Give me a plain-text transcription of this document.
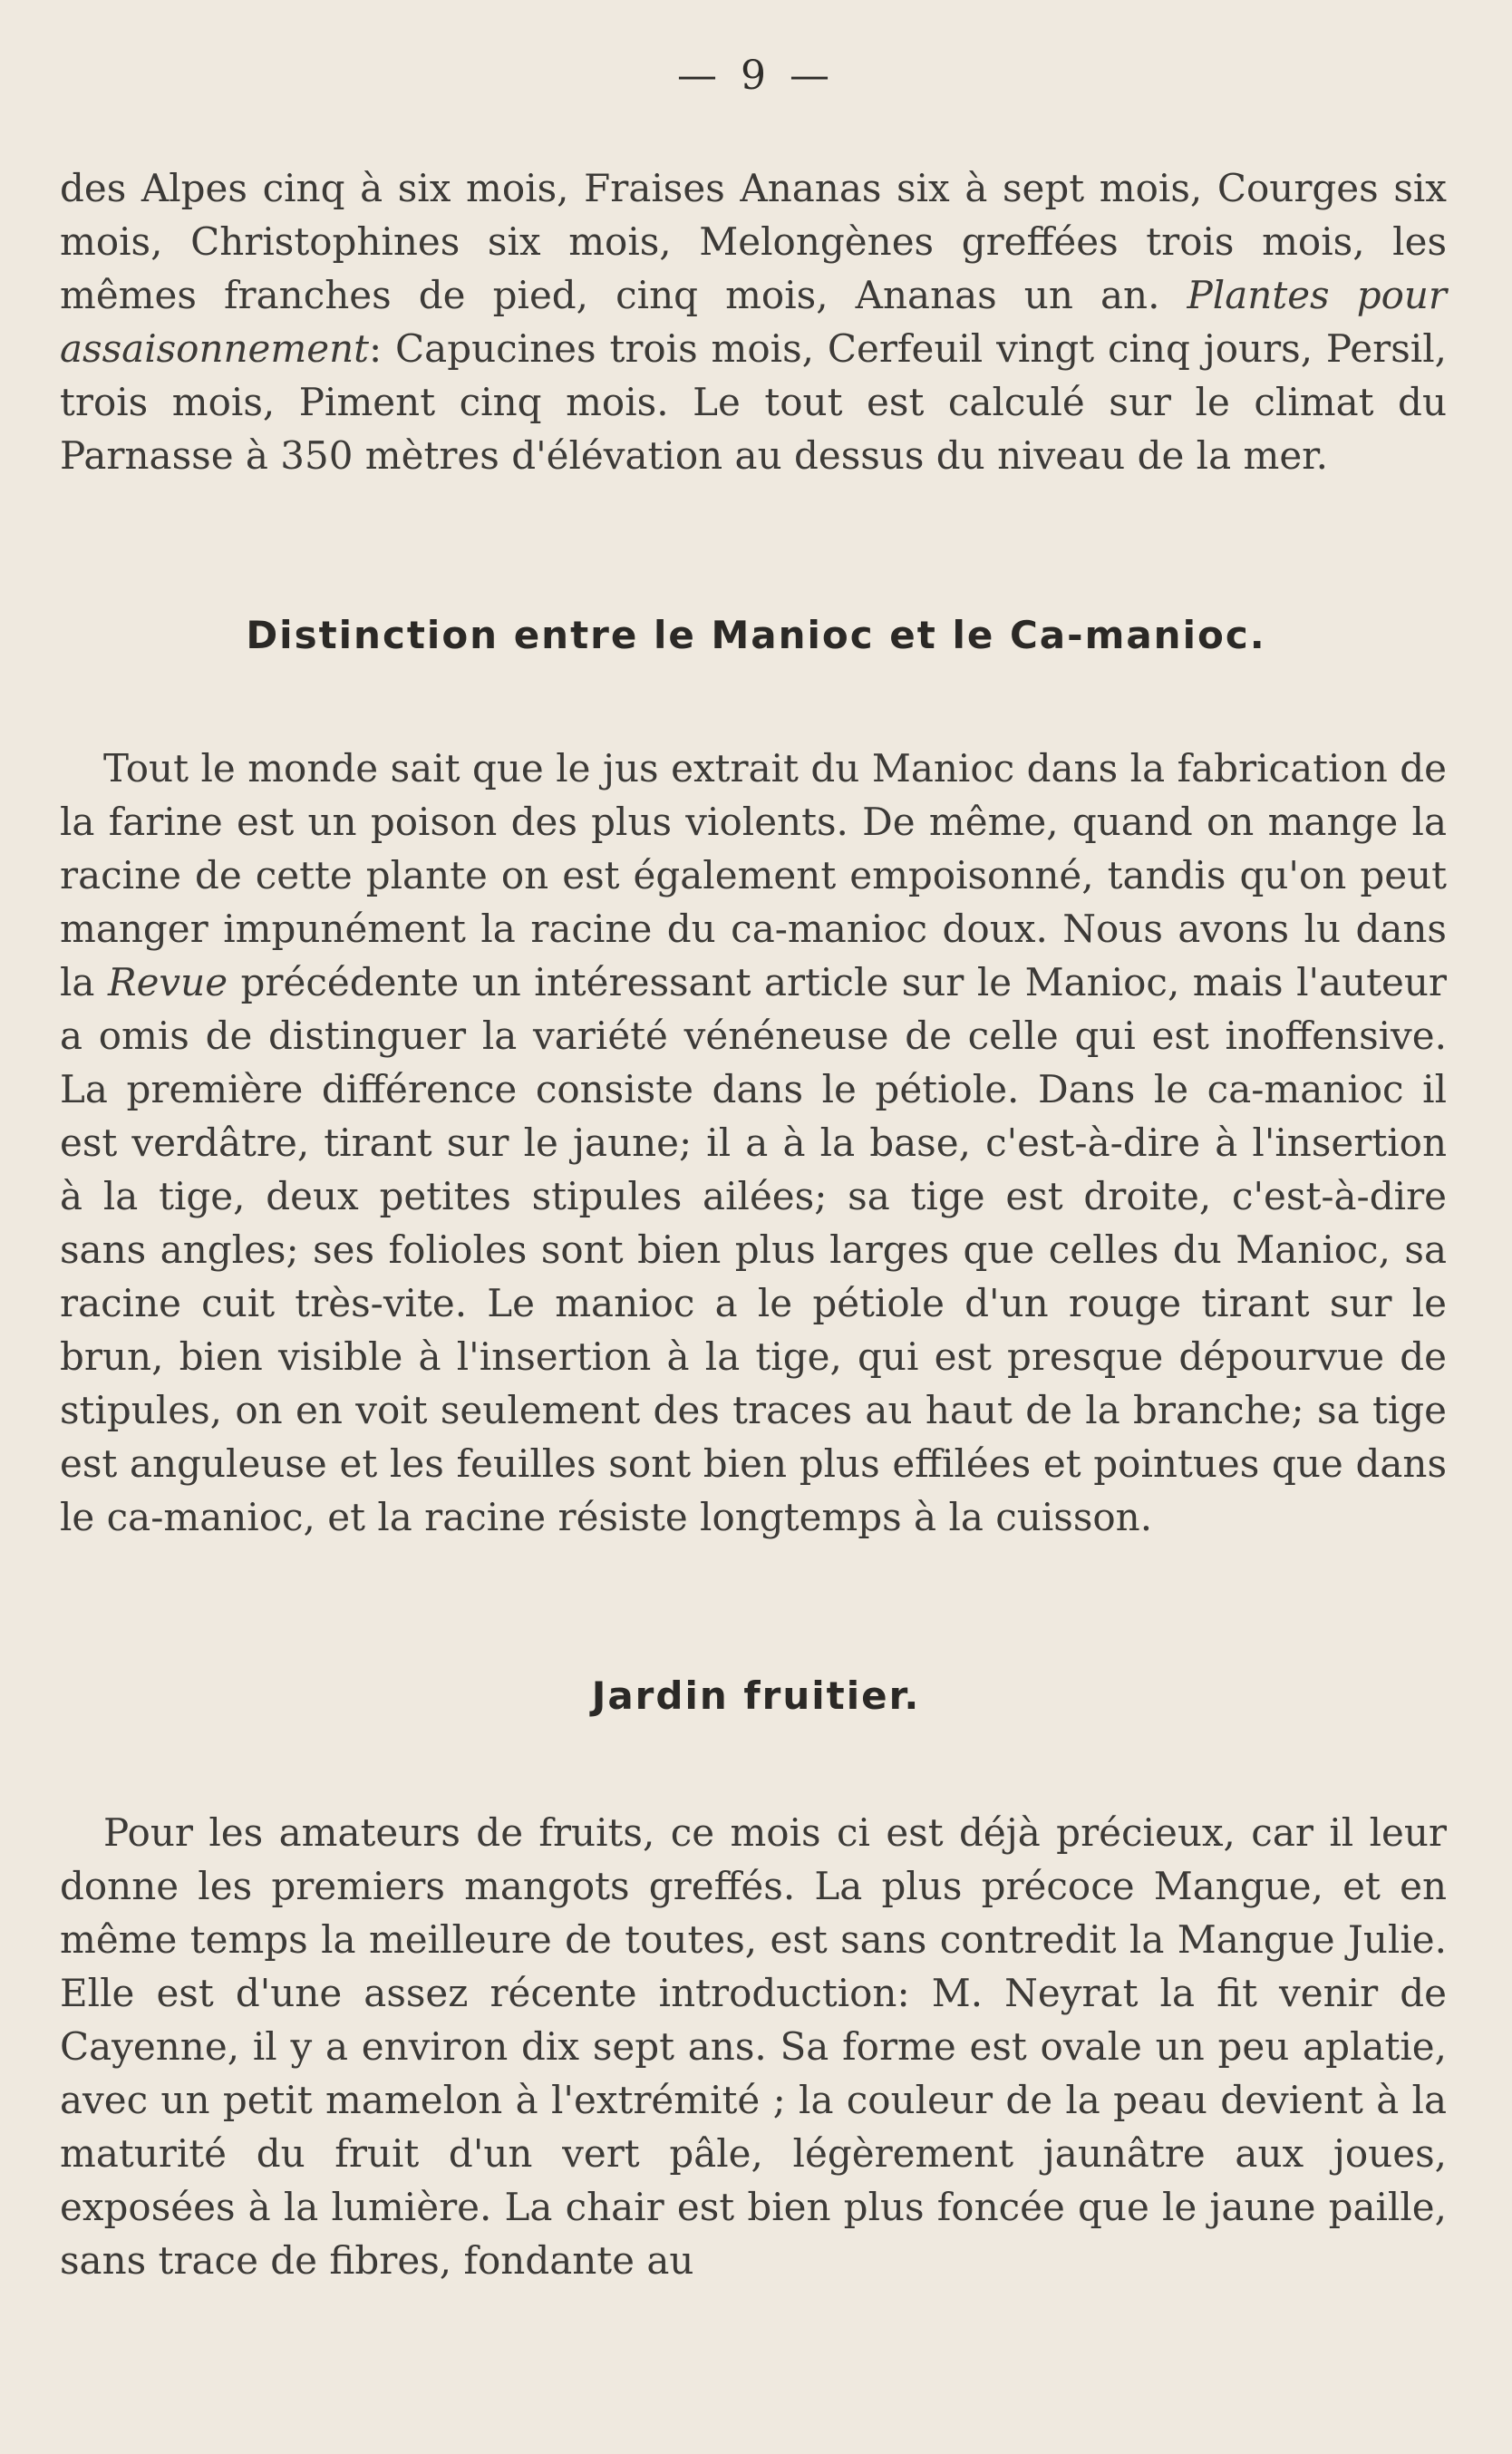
— 9 —

des Alpes cinq à six mois, Fraises Ananas six à sept mois, Courges six mois, Christophines six mois, Melongènes greffées trois mois, les mêmes franches de pied, cinq mois, Ananas un an. Plantes pour assaisonnement: Capucines trois mois, Cerfeuil vingt cinq jours, Persil, trois mois, Piment cinq mois. Le tout est calculé sur le climat du Parnasse à 350 mètres d'élévation au dessus du niveau de la mer.

Distinction entre le Manioc et le Ca-manioc.

Tout le monde sait que le jus extrait du Manioc dans la fabrication de la farine est un poison des plus violents. De même, quand on mange la racine de cette plante on est également empoisonné, tandis qu'on peut manger impunément la racine du ca-manioc doux. Nous avons lu dans la Revue précédente un intéressant article sur le Manioc, mais l'auteur a omis de distinguer la variété vénéneuse de celle qui est inoffensive. La première différence consiste dans le pétiole. Dans le ca-manioc il est verdâtre, tirant sur le jaune; il a à la base, c'est-à-dire à l'insertion à la tige, deux petites stipules ailées; sa tige est droite, c'est-à-dire sans angles; ses folioles sont bien plus larges que celles du Manioc, sa racine cuit très-vite. Le manioc a le pétiole d'un rouge tirant sur le brun, bien visible à l'insertion à la tige, qui est presque dépourvue de stipules, on en voit seulement des traces au haut de la branche; sa tige est anguleuse et les feuilles sont bien plus effilées et pointues que dans le ca-manioc, et la racine résiste longtemps à la cuisson.

Jardin fruitier.

Pour les amateurs de fruits, ce mois ci est déjà précieux, car il leur donne les premiers mangots greffés. La plus précoce Mangue, et en même temps la meilleure de toutes, est sans contredit la Mangue Julie. Elle est d'une assez récente introduction: M. Neyrat la fit venir de Cayenne, il y a environ dix sept ans. Sa forme est ovale un peu aplatie, avec un petit mamelon à l'extrémité ; la couleur de la peau devient à la maturité du fruit d'un vert pâle, légèrement jaunâtre aux joues, exposées à la lumière. La chair est bien plus foncée que le jaune paille, sans trace de fibres, fondante au
